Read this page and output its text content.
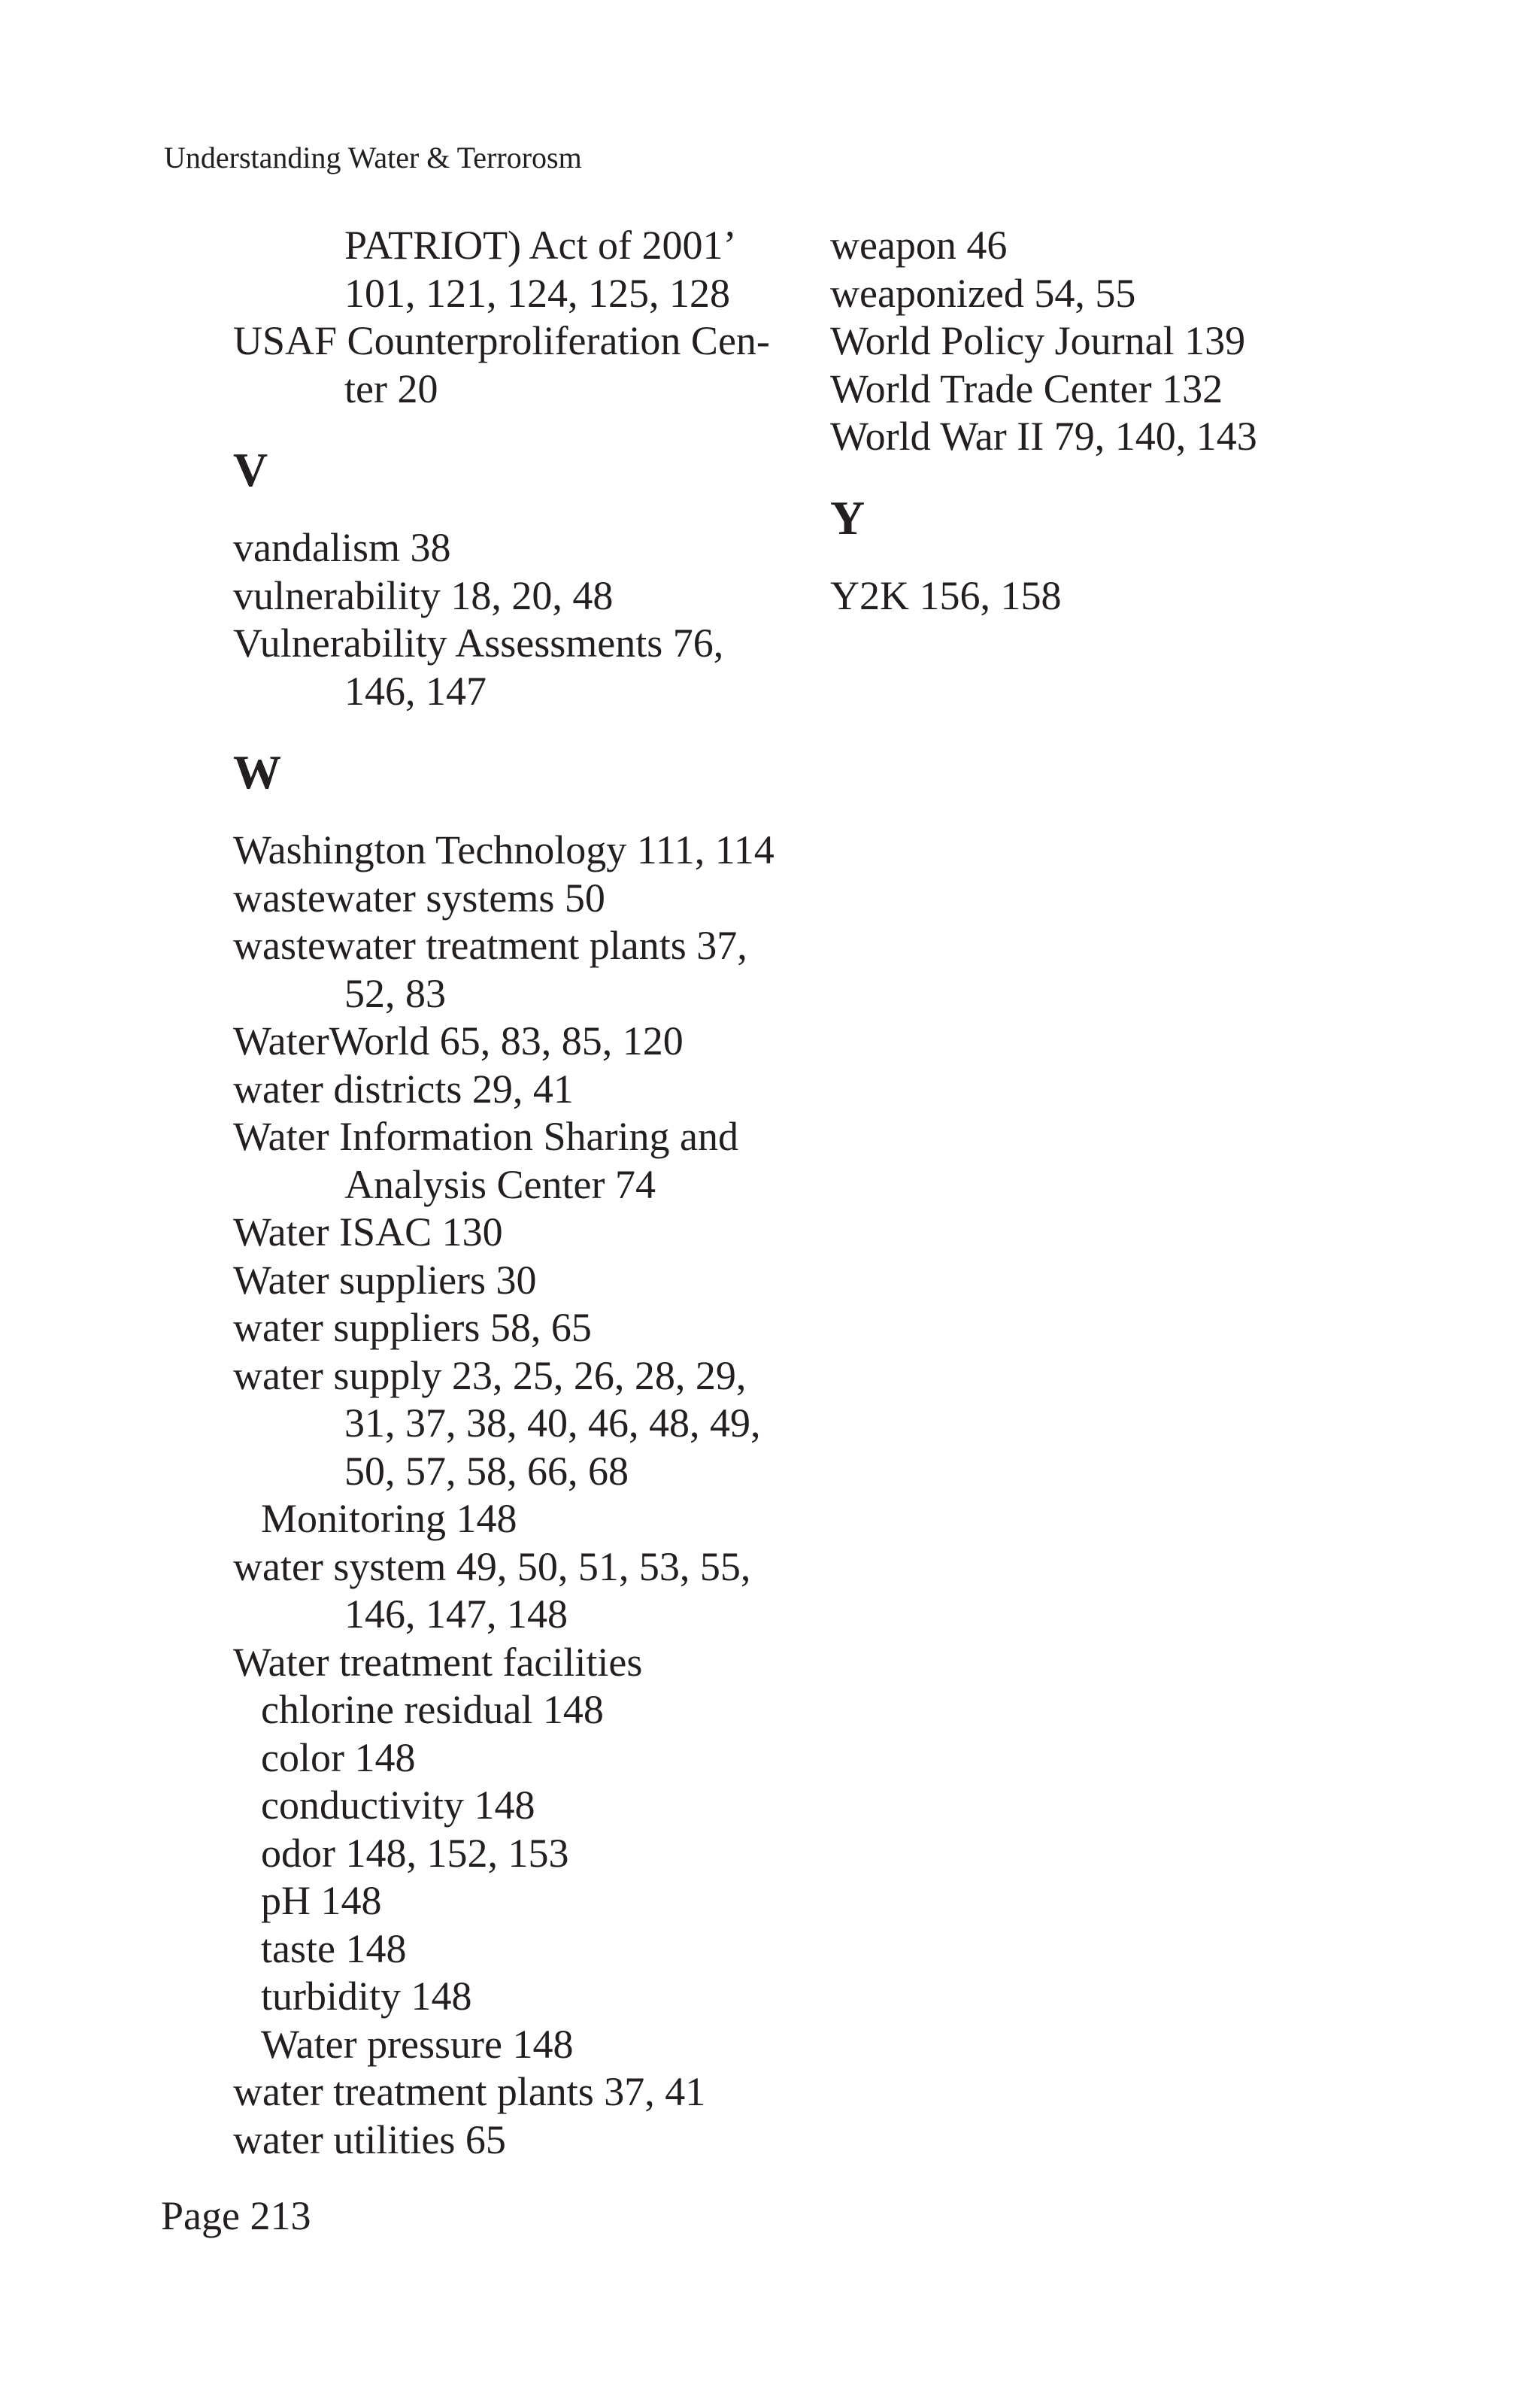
Understanding Water & Terrorosm
PATRIOT) Act of 2001’
101, 121, 124, 125, 128
USAF Counterproliferation Cen-
ter 20
V
vandalism 38
vulnerability 18, 20, 48
Vulnerability Assessments 76,
146, 147
W
Washington Technology 111, 114
wastewater systems 50
wastewater treatment plants 37,
52, 83
WaterWorld 65, 83, 85, 120
water districts 29, 41
Water Information Sharing and
Analysis Center 74
Water ISAC 130
Water suppliers 30
water suppliers 58, 65
water supply 23, 25, 26, 28, 29,
31, 37, 38, 40, 46, 48, 49,
50, 57, 58, 66, 68
Monitoring 148
water system 49, 50, 51, 53, 55,
146, 147, 148
Water treatment facilities
chlorine residual 148
color 148
conductivity 148
odor 148, 152, 153
pH 148
taste 148
turbidity 148
Water pressure 148
water treatment plants 37, 41
water utilities 65
weapon 46
weaponized 54, 55
World Policy Journal 139
World Trade Center 132
World War II 79, 140, 143
Y
Y2K 156, 158
Page 213
